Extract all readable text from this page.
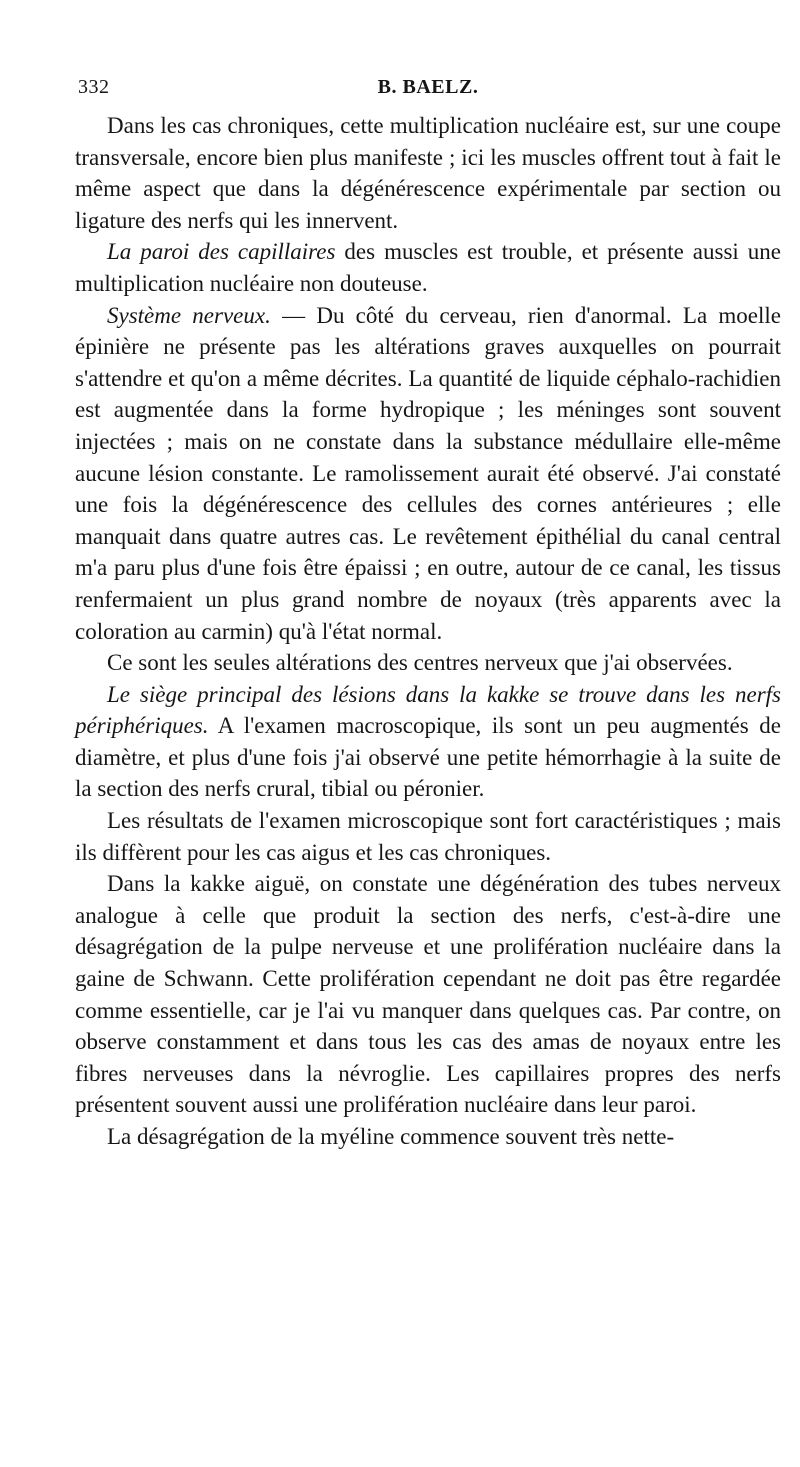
332	B. BAELZ.

Dans les cas chroniques, cette multiplication nucléaire est, sur une coupe transversale, encore bien plus manifeste ; ici les muscles offrent tout à fait le même aspect que dans la dégénérescence expérimentale par section ou ligature des nerfs qui les innervent.

La paroi des capillaires des muscles est trouble, et présente aussi une multiplication nucléaire non douteuse.

Système nerveux. — Du côté du cerveau, rien d'anormal. La moelle épinière ne présente pas les altérations graves auxquelles on pourrait s'attendre et qu'on a même décrites. La quantité de liquide céphalo-rachidien est augmentée dans la forme hydropique ; les méninges sont souvent injectées ; mais on ne constate dans la substance médullaire elle-même aucune lésion constante. Le ramolissement aurait été observé. J'ai constaté une fois la dégénérescence des cellules des cornes antérieures ; elle manquait dans quatre autres cas. Le revêtement épithélial du canal central m'a paru plus d'une fois être épaissi ; en outre, autour de ce canal, les tissus renfermaient un plus grand nombre de noyaux (très apparents avec la coloration au carmin) qu'à l'état normal.

Ce sont les seules altérations des centres nerveux que j'ai observées.

Le siège principal des lésions dans la kakke se trouve dans les nerfs périphériques. A l'examen macroscopique, ils sont un peu augmentés de diamètre, et plus d'une fois j'ai observé une petite hémorrhagie à la suite de la section des nerfs crural, tibial ou péronier.

Les résultats de l'examen microscopique sont fort caractéristiques ; mais ils diffèrent pour les cas aigus et les cas chroniques.

Dans la kakke aiguë, on constate une dégénération des tubes nerveux analogue à celle que produit la section des nerfs, c'est-à-dire une désagrégation de la pulpe nerveuse et une prolifération nucléaire dans la gaine de Schwann. Cette prolifération cependant ne doit pas être regardée comme essentielle, car je l'ai vu manquer dans quelques cas. Par contre, on observe constamment et dans tous les cas des amas de noyaux entre les fibres nerveuses dans la névroglie. Les capillaires propres des nerfs présentent souvent aussi une prolifération nucléaire dans leur paroi.

La désagrégation de la myéline commence souvent très nette-
